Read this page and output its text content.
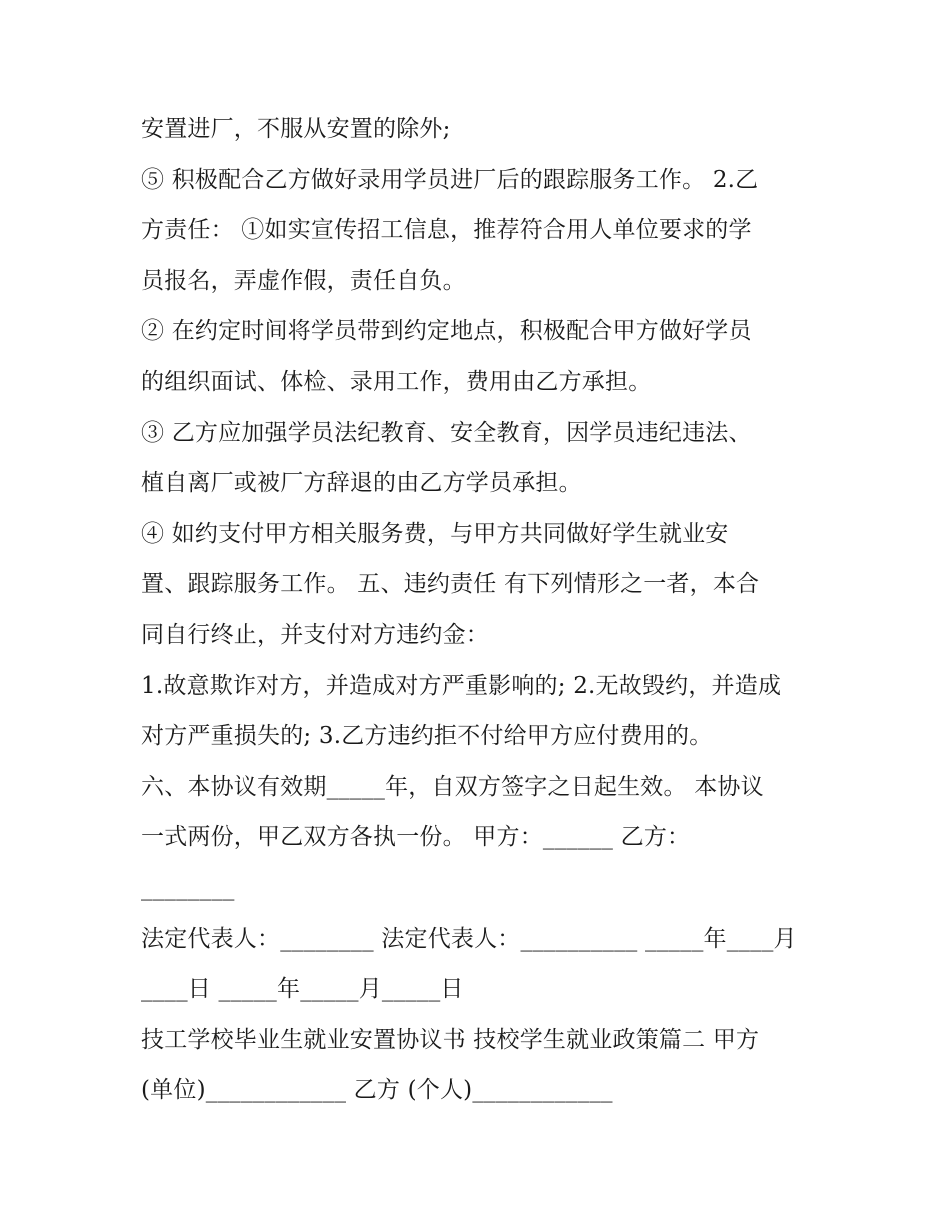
安置进厂，不服从安置的除外;
⑤ 积极配合乙方做好录用学员进厂后的跟踪服务工作。 2.乙
方责任： ①如实宣传招工信息，推荐符合用人单位要求的学
员报名，弄虚作假，责任自负。
② 在约定时间将学员带到约定地点，积极配合甲方做好学员
的组织面试、体检、录用工作，费用由乙方承担。
③ 乙方应加强学员法纪教育、安全教育，因学员违纪违法、
植自离厂或被厂方辞退的由乙方学员承担。
④ 如约支付甲方相关服务费，与甲方共同做好学生就业安
置、跟踪服务工作。 五、违约责任 有下列情形之一者，本合
同自行终止，并支付对方违约金：
1.故意欺诈对方，并造成对方严重影响的; 2.无故毁约，并造成
对方严重损失的; 3.乙方违约拒不付给甲方应付费用的。
六、本协议有效期_____年，自双方签字之日起生效。 本协议
一式两份，甲乙双方各执一份。 甲方：______ 乙方：
________
法定代表人：________ 法定代表人：__________ _____年____月
____日 _____年_____月_____日
技工学校毕业生就业安置协议书 技校学生就业政策篇二 甲方
(单位)____________ 乙方 (个人)____________
